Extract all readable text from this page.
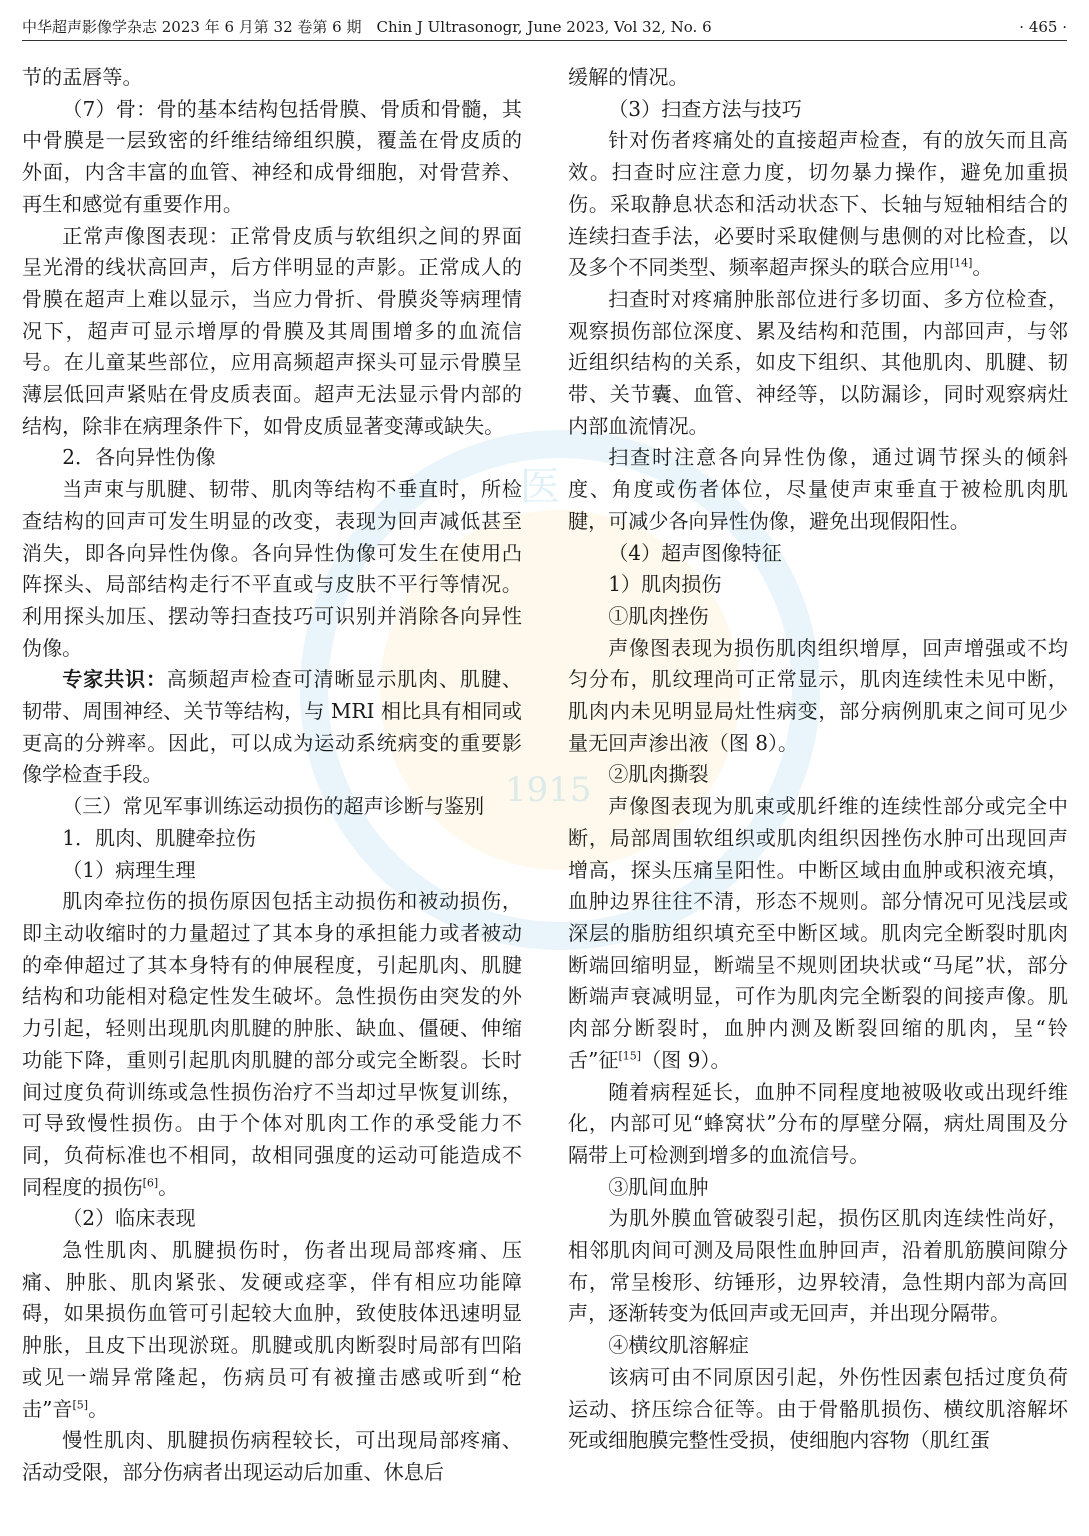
医
1915
中华超声影像学杂志 2023 年 6 月第 32 卷第 6 期　Chin J Ultrasonogr, June 2023, Vol 32, No. 6	· 465 ·

节的盂唇等。

（7）骨：骨的基本结构包括骨膜、骨质和骨髓，其中骨膜是一层致密的纤维结缔组织膜，覆盖在骨皮质的外面，内含丰富的血管、神经和成骨细胞，对骨营养、再生和感觉有重要作用。

正常声像图表现：正常骨皮质与软组织之间的界面呈光滑的线状高回声，后方伴明显的声影。正常成人的骨膜在超声上难以显示，当应力骨折、骨膜炎等病理情况下，超声可显示增厚的骨膜及其周围增多的血流信号。在儿童某些部位，应用高频超声探头可显示骨膜呈薄层低回声紧贴在骨皮质表面。超声无法显示骨内部的结构，除非在病理条件下，如骨皮质显著变薄或缺失。

2．各向异性伪像

当声束与肌腱、韧带、肌肉等结构不垂直时，所检查结构的回声可发生明显的改变，表现为回声减低甚至消失，即各向异性伪像。各向异性伪像可发生在使用凸阵探头、局部结构走行不平直或与皮肤不平行等情况。利用探头加压、摆动等扫查技巧可识别并消除各向异性伪像。

专家共识：高频超声检查可清晰显示肌肉、肌腱、韧带、周围神经、关节等结构，与 MRI 相比具有相同或更高的分辨率。因此，可以成为运动系统病变的重要影像学检查手段。

（三）常见军事训练运动损伤的超声诊断与鉴别

1．肌肉、肌腱牵拉伤

（1）病理生理

肌肉牵拉伤的损伤原因包括主动损伤和被动损伤，即主动收缩时的力量超过了其本身的承担能力或者被动的牵伸超过了其本身特有的伸展程度，引起肌肉、肌腱结构和功能相对稳定性发生破坏。急性损伤由突发的外力引起，轻则出现肌肉肌腱的肿胀、缺血、僵硬、伸缩功能下降，重则引起肌肉肌腱的部分或完全断裂。长时间过度负荷训练或急性损伤治疗不当却过早恢复训练，可导致慢性损伤。由于个体对肌肉工作的承受能力不同，负荷标准也不相同，故相同强度的运动可能造成不同程度的损伤[6]。

（2）临床表现

急性肌肉、肌腱损伤时，伤者出现局部疼痛、压痛、肿胀、肌肉紧张、发硬或痉挛，伴有相应功能障碍，如果损伤血管可引起较大血肿，致使肢体迅速明显肿胀，且皮下出现淤斑。肌腱或肌肉断裂时局部有凹陷或见一端异常隆起，伤病员可有被撞击感或听到“枪击”音[5]。

慢性肌肉、肌腱损伤病程较长，可出现局部疼痛、活动受限，部分伤病者出现运动后加重、休息后

缓解的情况。

（3）扫查方法与技巧

针对伤者疼痛处的直接超声检查，有的放矢而且高效。扫查时应注意力度，切勿暴力操作，避免加重损伤。采取静息状态和活动状态下、长轴与短轴相结合的连续扫查手法，必要时采取健侧与患侧的对比检查，以及多个不同类型、频率超声探头的联合应用[14]。

扫查时对疼痛肿胀部位进行多切面、多方位检查，观察损伤部位深度、累及结构和范围，内部回声，与邻近组织结构的关系，如皮下组织、其他肌肉、肌腱、韧带、关节囊、血管、神经等，以防漏诊，同时观察病灶内部血流情况。

扫查时注意各向异性伪像，通过调节探头的倾斜度、角度或伤者体位，尽量使声束垂直于被检肌肉肌腱，可减少各向异性伪像，避免出现假阳性。

（4）超声图像特征

1）肌肉损伤

①肌肉挫伤

声像图表现为损伤肌肉组织增厚，回声增强或不均匀分布，肌纹理尚可正常显示，肌肉连续性未见中断，肌肉内未见明显局灶性病变，部分病例肌束之间可见少量无回声渗出液（图 8）。

②肌肉撕裂

声像图表现为肌束或肌纤维的连续性部分或完全中断，局部周围软组织或肌肉组织因挫伤水肿可出现回声增高，探头压痛呈阳性。中断区域由血肿或积液充填，血肿边界往往不清，形态不规则。部分情况可见浅层或深层的脂肪组织填充至中断区域。肌肉完全断裂时肌肉断端回缩明显，断端呈不规则团块状或“马尾”状，部分断端声衰减明显，可作为肌肉完全断裂的间接声像。肌肉部分断裂时，血肿内测及断裂回缩的肌肉，呈“铃舌”征[15]（图 9）。

随着病程延长，血肿不同程度地被吸收或出现纤维化，内部可见“蜂窝状”分布的厚壁分隔，病灶周围及分隔带上可检测到增多的血流信号。

③肌间血肿

为肌外膜血管破裂引起，损伤区肌肉连续性尚好，相邻肌肉间可测及局限性血肿回声，沿着肌筋膜间隙分布，常呈梭形、纺锤形，边界较清，急性期内部为高回声，逐渐转变为低回声或无回声，并出现分隔带。

④横纹肌溶解症

该病可由不同原因引起，外伤性因素包括过度负荷运动、挤压综合征等。由于骨骼肌损伤、横纹肌溶解坏死或细胞膜完整性受损，使细胞内容物（肌红蛋
